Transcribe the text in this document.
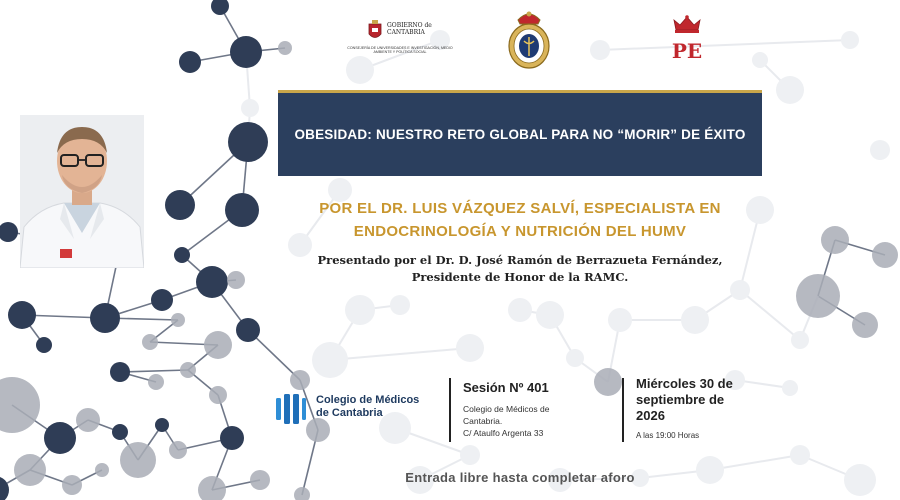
GOBIERNO de CANTABRIA
CONSEJERÍA DE UNIVERSIDADES E INVESTIGACIÓN, MEDIO AMBIENTE Y POLÍTICA SOCIAL	PE
OBESIDAD: NUESTRO RETO GLOBAL PARA NO “MORIR” DE ÉXITO
POR EL DR. LUIS VÁZQUEZ SALVÍ, ESPECIALISTA EN
ENDOCRINOLOGÍA Y NUTRICIÓN DEL HUMV
Presentado por el Dr. D. José Ramón de Berrazueta Fernández,
Presidente de Honor de la RAMC.
Colegio de Médicos
de Cantabria
Sesión Nº 401
Colegio de Médicos de
Cantabria.
C/ Ataulfo Argenta 33
Miércoles 30 de
septiembre de
2026
A las 19:00 Horas
Entrada libre hasta completar aforo
